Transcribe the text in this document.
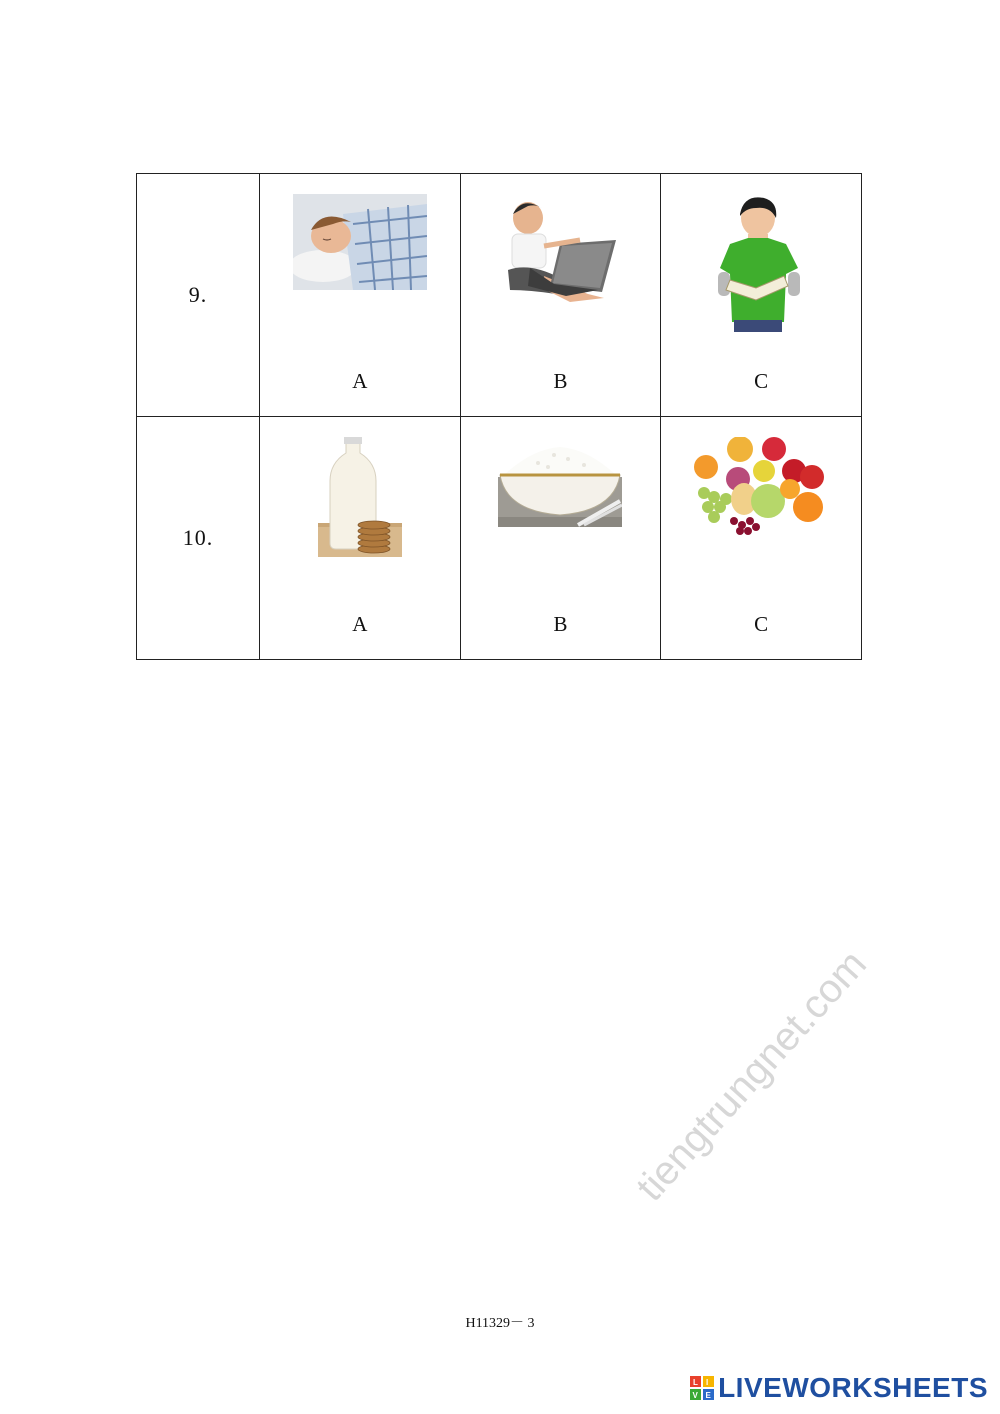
9.	A	B	C

10.	A	B	C
H11329－ 3
tiengtrungnet.com
L I
V E LIVEWORKSHEETS
